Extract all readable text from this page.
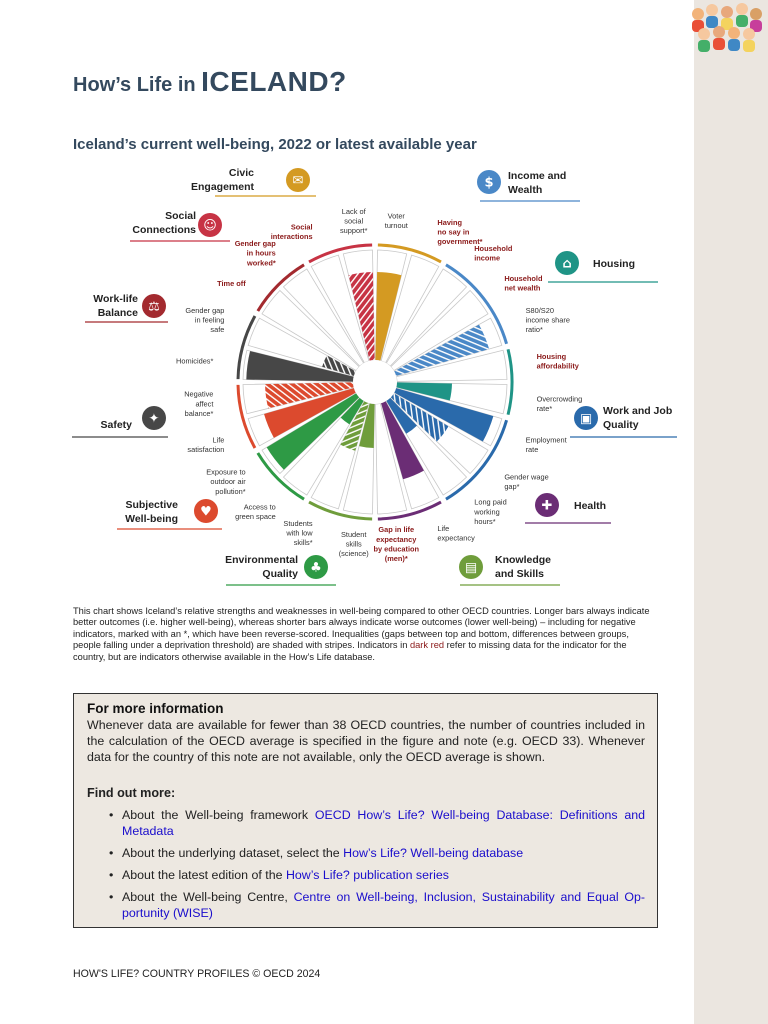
How’s Life in ICELAND?
Iceland’s current well-being, 2022 or latest available year
Voter turnout	Having no say in government*
Household income
Household net wealth
S80/S20 income share ratio*
Housing affordability
Overcrowding rate*
Employment rate
Gender wage gap*
Long paid working hours*
Life expectancy
Gap in life expectancy by education (men)*
Student skills (science)
Students with low skills*
Access to green space
Exposure to outdoor air pollution*
Life satisfaction
Negative affect balance*
Homicides*
Gender gap in feeling safe
Time off
Gender gap in hours worked*
Social interactions
Lack of social support*
✉
Civic Engagement	$ Income and Wealth
⌂ Housing
▣
Work and Job Quality
✚ Health
▤
Knowledge and Skills
♣
Environmental Quality
♥
Subjective Well-being
✦
Safety
⚖
Work-life Balance
☺
Social Connections

This chart shows Iceland’s relative strengths and weaknesses in well-being compared to other OECD countries. Longer bars always indicate better outcomes (i.e. higher well-being), whereas shorter bars always indicate worse outcomes (lower well-being) – including for negative indicators, marked with an *, which have been reverse-scored. Inequalities (gaps between top and bottom, differences between groups, people falling under a deprivation threshold) are shaded with stripes. Indicators in dark red refer to missing data for the indicator for the country, but are indicators otherwise available in the How’s Life database.

For more information

Whenever data are available for fewer than 38 OECD countries, the number of countries included in the calculation of the OECD average is specified in the figure and note (e.g. OECD 33). Whenever data for the country of this note are not available, only the OECD average is shown.

Find out more:
• About the Well-being framework OECD How’s Life? Well-being Database: Definitions and Metadata
• About the underlying dataset, select the How’s Life? Well-being database
• About the latest edition of the How’s Life? publication series
• About the Well-being Centre, Centre on Well-being, Inclusion, Sustainability and Equal Op-portunity (WISE)

HOW'S LIFE? COUNTRY PROFILES © OECD 2024
